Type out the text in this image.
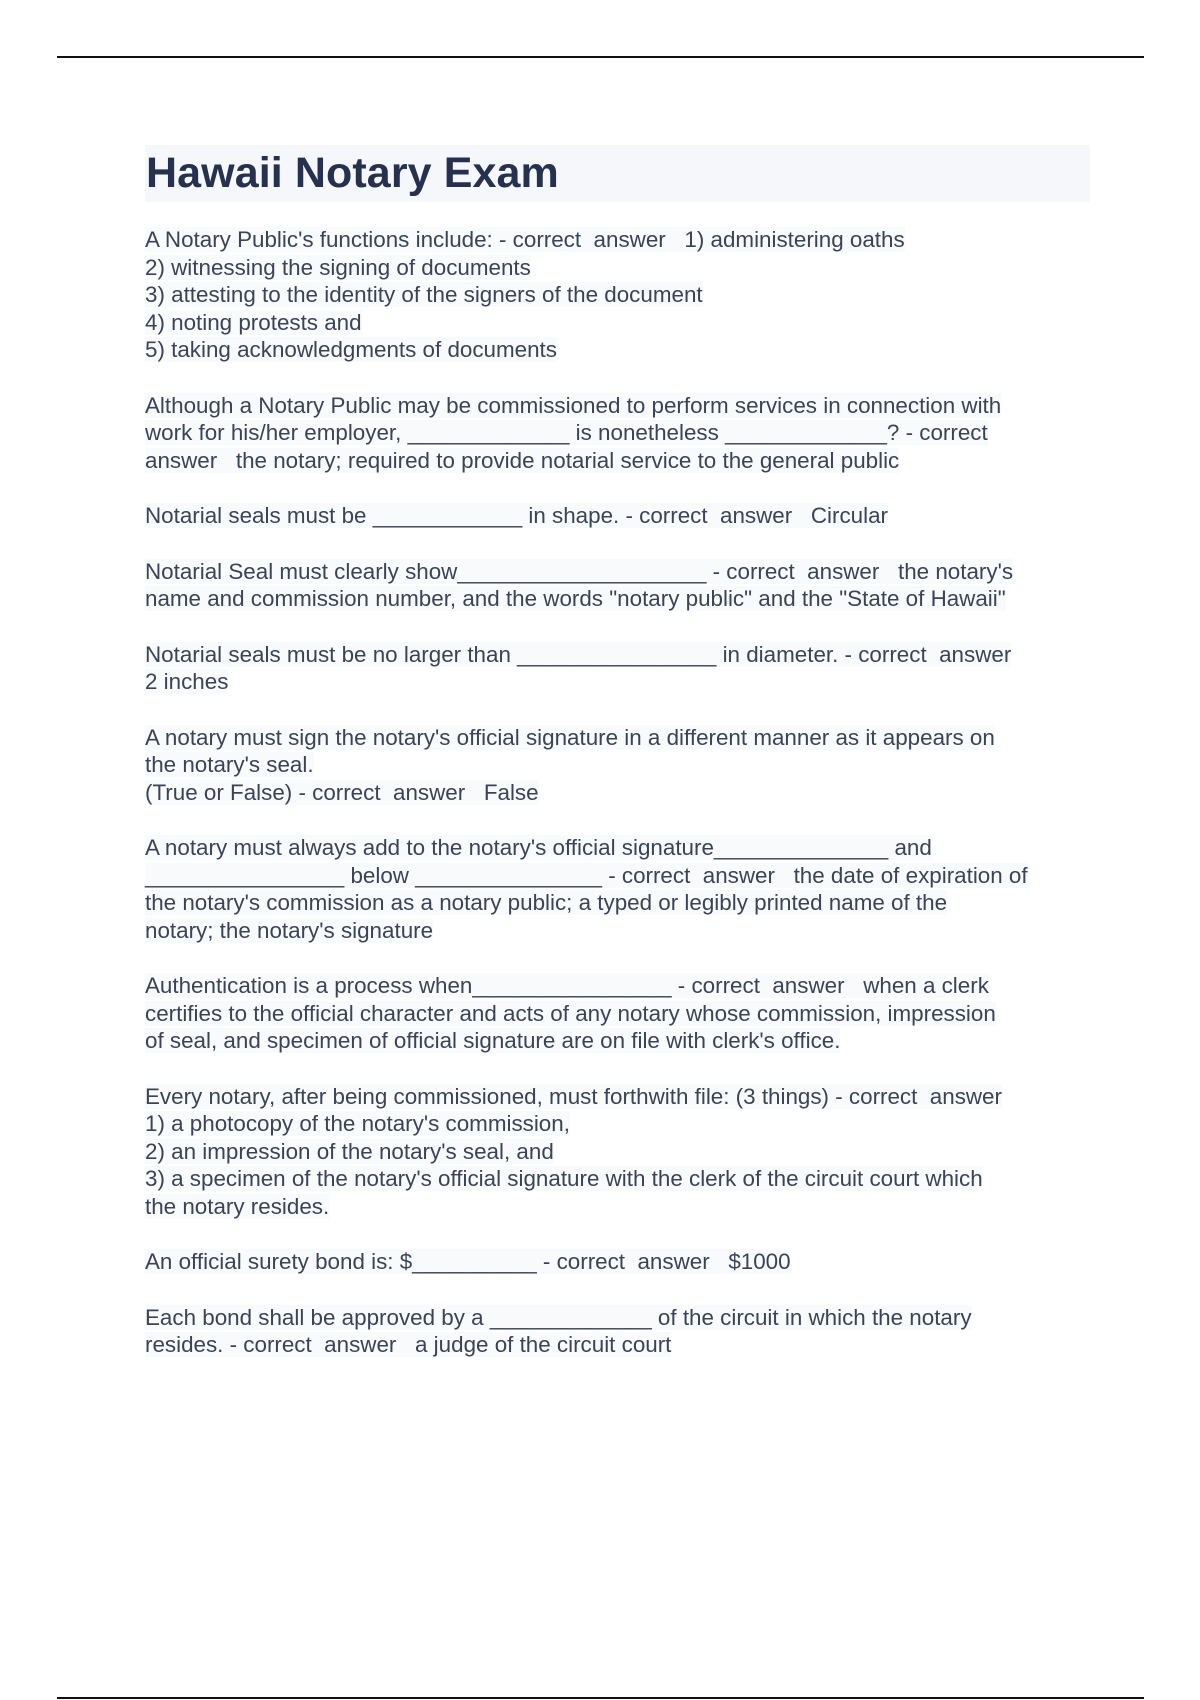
Hawaii Notary Exam

A Notary Public's functions include: - correct  answer   1) administering oaths
2) witnessing the signing of documents
3) attesting to the identity of the signers of the document
4) noting protests and
5) taking acknowledgments of documents

Although a Notary Public may be commissioned to perform services in connection with
work for his/her employer, _____________ is nonetheless _____________? - correct
answer   the notary; required to provide notarial service to the general public

Notarial seals must be ____________ in shape. - correct  answer   Circular

Notarial Seal must clearly show____________________ - correct  answer   the notary's
name and commission number, and the words "notary public" and the "State of Hawaii"

Notarial seals must be no larger than ________________ in diameter. - correct  answer
2 inches

A notary must sign the notary's official signature in a different manner as it appears on
the notary's seal.
(True or False) - correct  answer   False

A notary must always add to the notary's official signature______________ and
________________ below _______________ - correct  answer   the date of expiration of
the notary's commission as a notary public; a typed or legibly printed name of the
notary; the notary's signature

Authentication is a process when________________ - correct  answer   when a clerk
certifies to the official character and acts of any notary whose commission, impression
of seal, and specimen of official signature are on file with clerk's office.

Every notary, after being commissioned, must forthwith file: (3 things) - correct  answer
1) a photocopy of the notary's commission,
2) an impression of the notary's seal, and
3) a specimen of the notary's official signature with the clerk of the circuit court which
the notary resides.

An official surety bond is: $__________ - correct  answer   $1000

Each bond shall be approved by a _____________ of the circuit in which the notary
resides. - correct  answer   a judge of the circuit court
